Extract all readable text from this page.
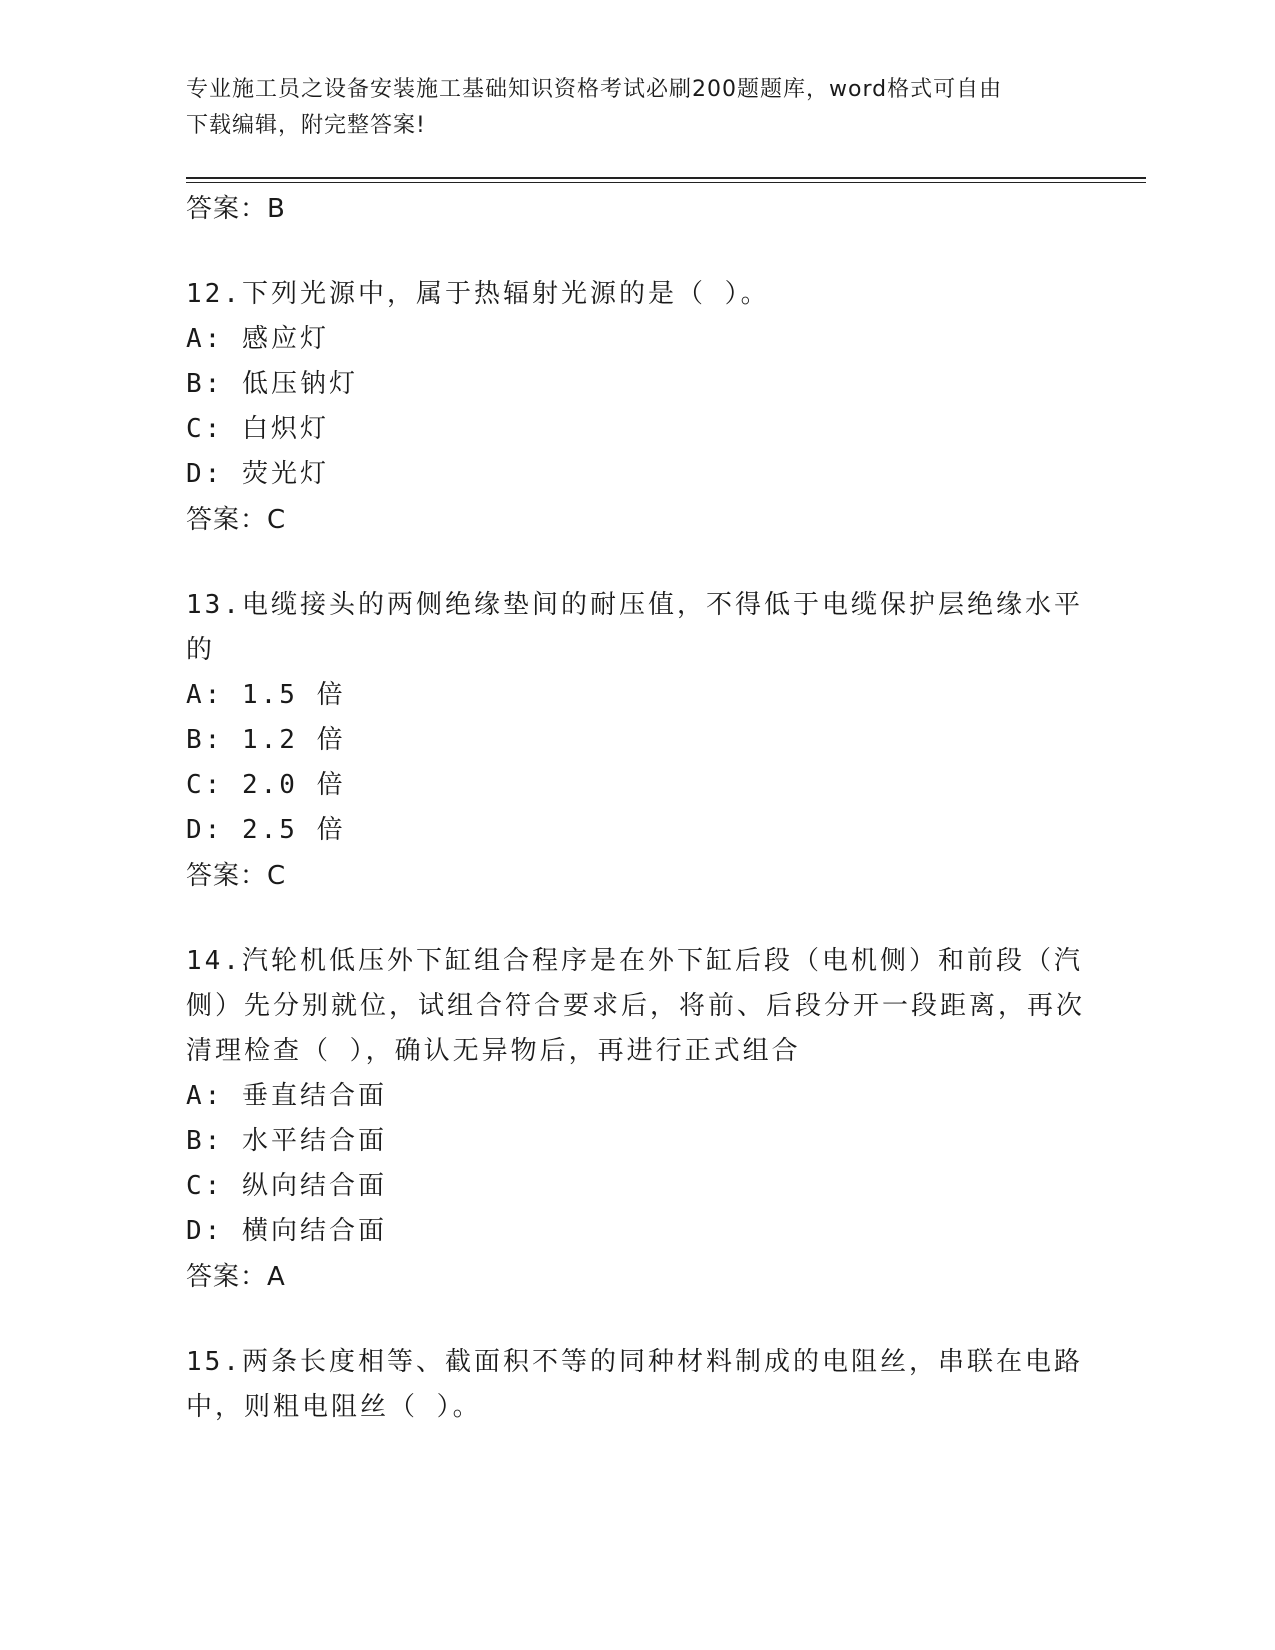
专业施工员之设备安装施工基础知识资格考试必刷200题题库，word格式可自由
下载编辑，附完整答案!
答案：B
12.下列光源中，属于热辐射光源的是（ ）。
A: 感应灯
B: 低压钠灯
C: 白炽灯
D: 荧光灯
答案：C
13.电缆接头的两侧绝缘垫间的耐压值，不得低于电缆保护层绝缘水平的
A: 1.5 倍
B: 1.2 倍
C: 2.0 倍
D: 2.5 倍
答案：C
14.汽轮机低压外下缸组合程序是在外下缸后段（电机侧）和前段（汽侧）先分别就位，试组合符合要求后，将前、后段分开一段距离，再次清理检查（ ），确认无异物后，再进行正式组合
A: 垂直结合面
B: 水平结合面
C: 纵向结合面
D: 横向结合面
答案：A
15.两条长度相等、截面积不等的同种材料制成的电阻丝，串联在电路中，则粗电阻丝（ ）。
